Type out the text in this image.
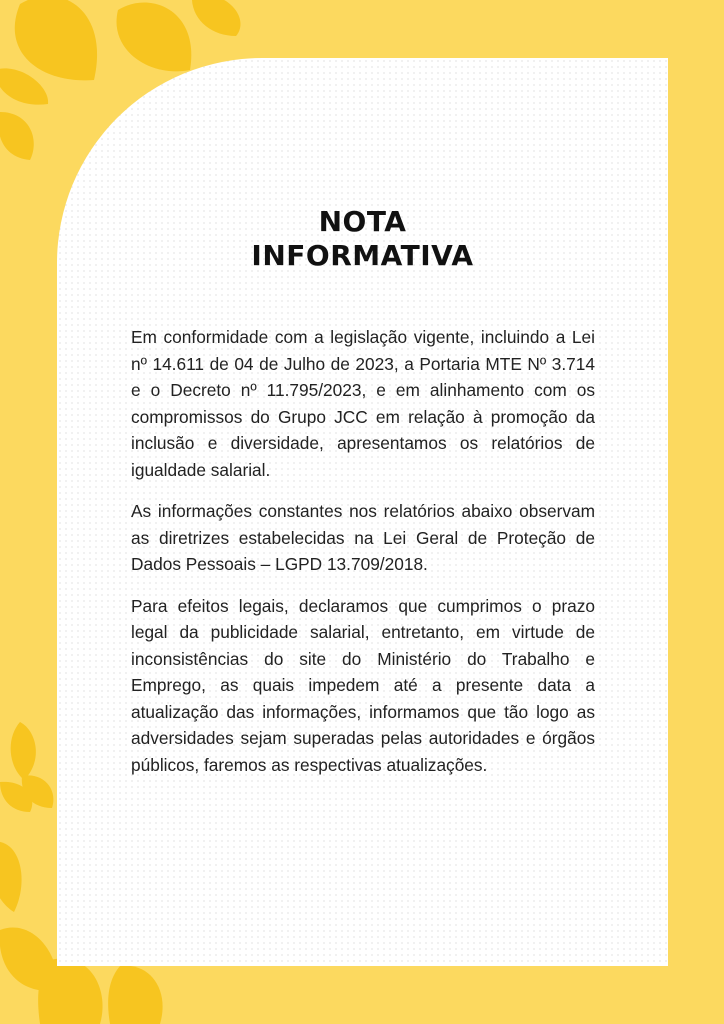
NOTA
INFORMATIVA

Em conformidade com a legislação vigente, incluindo a Lei nº 14.611 de 04 de Julho de 2023, a Portaria MTE Nº 3.714 e o Decreto nº 11.795/2023, e em alinhamento com os compromissos do Grupo JCC em relação à promoção da inclusão e diversidade, apresentamos os relatórios de igualdade salarial.

As informações constantes nos relatórios abaixo observam as diretrizes estabelecidas na Lei Geral de Proteção de Dados Pessoais – LGPD 13.709/2018.

Para efeitos legais, declaramos que cumprimos o prazo legal da publicidade salarial, entretanto, em virtude de inconsistências do site do Ministério do Trabalho e Emprego, as quais impedem até a presente data a atualização das informações, informamos que tão logo as adversidades sejam superadas pelas autoridades e órgãos públicos, faremos as respectivas atualizações.
